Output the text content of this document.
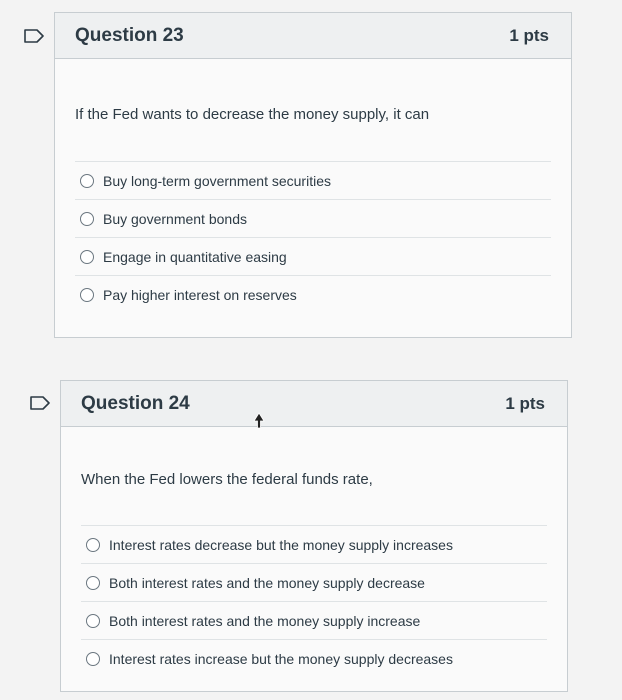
Question 23	1 pts
If the Fed wants to decrease the money supply, it can
Buy long-term government securities
Buy government bonds
Engage in quantitative easing
Pay higher interest on reserves
Question 24	1 pts
When the Fed lowers the federal funds rate,
Interest rates decrease but the money supply increases
Both interest rates and the money supply decrease
Both interest rates and the money supply increase
Interest rates increase but the money supply decreases
